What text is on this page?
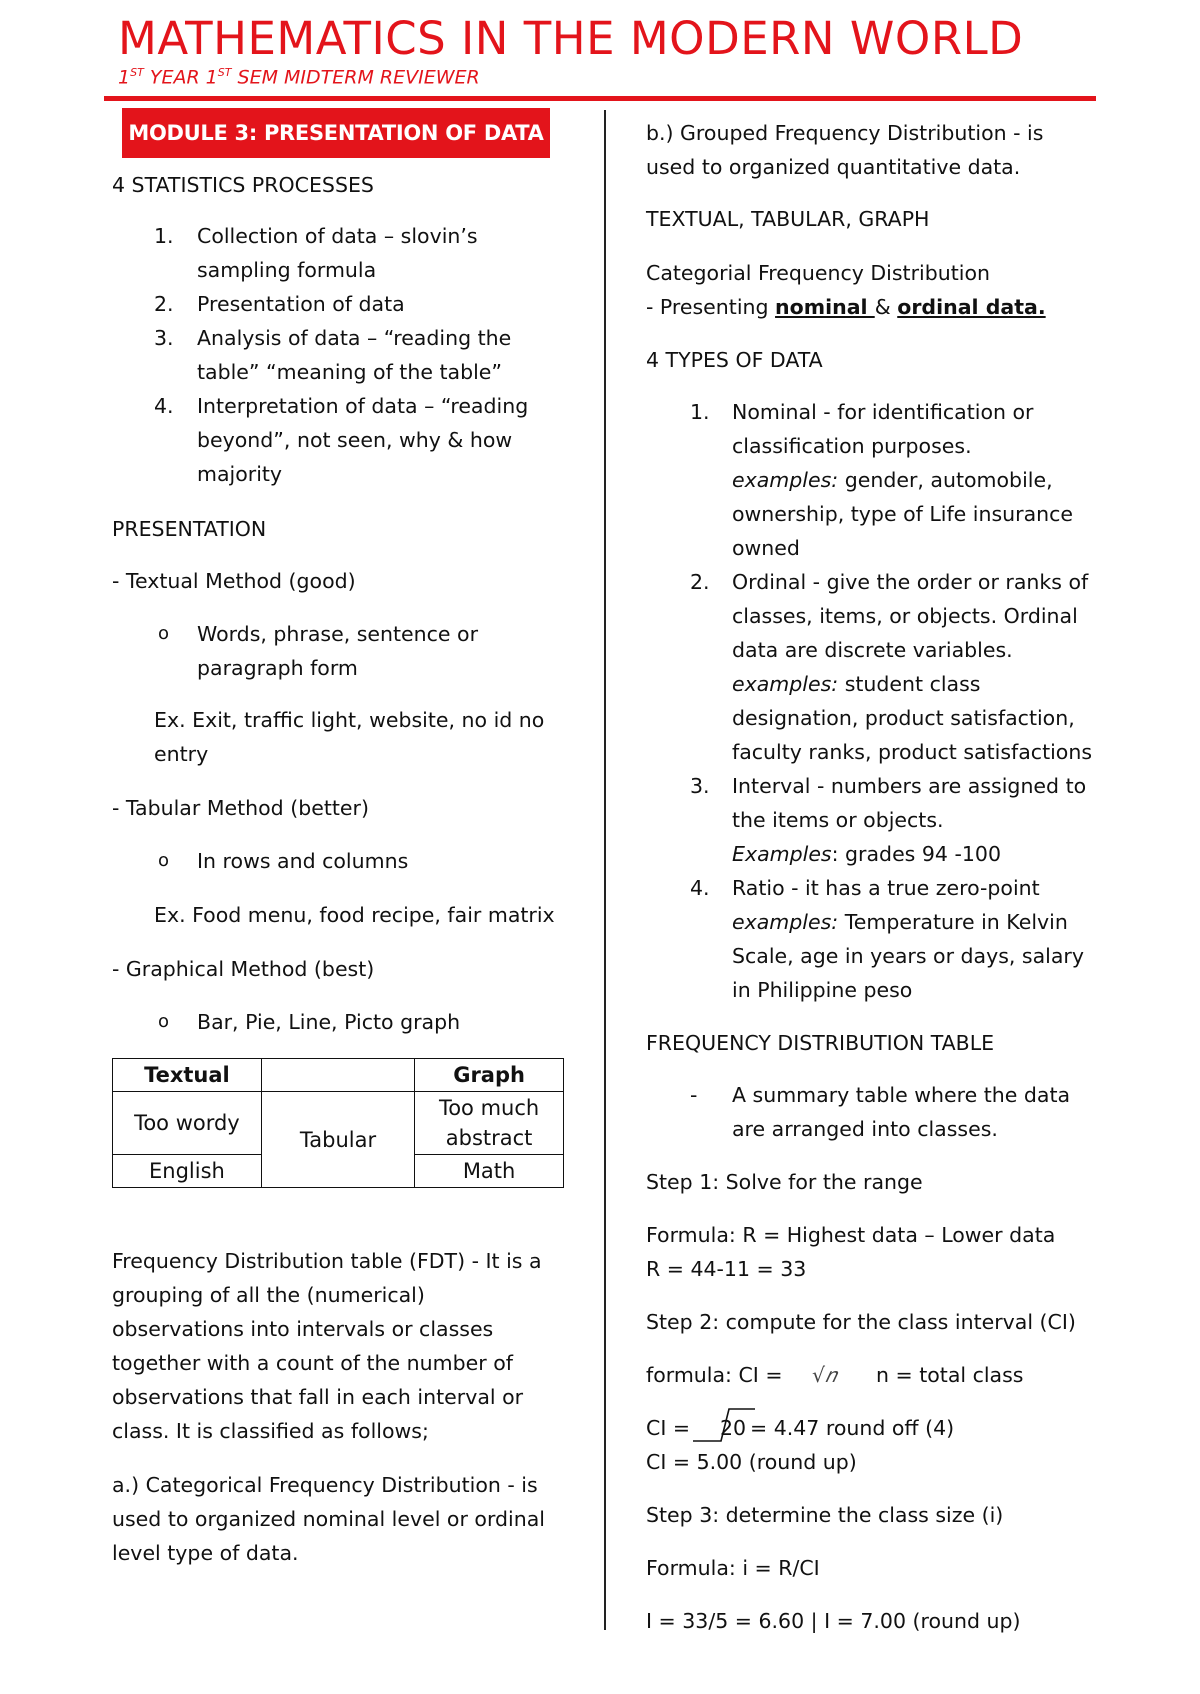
MATHEMATICS IN THE MODERN WORLD
1ST YEAR 1ST SEM MIDTERM REVIEWER
MODULE 3: PRESENTATION OF DATA
4 STATISTICS PROCESSES
1. Collection of data – slovin’s
sampling formula
2. Presentation of data
3. Analysis of data – “reading the
table” “meaning of the table”
4. Interpretation of data – “reading
beyond”, not seen, why & how
majority
PRESENTATION
- Textual Method (good)
o Words, phrase, sentence or
paragraph form
Ex. Exit, traffic light, website, no id no
entry
- Tabular Method (better)
o In rows and columns
Ex. Food menu, food recipe, fair matrix
- Graphical Method (best)
o Bar, Pie, Line, Picto graph
Textual		Graph
Too wordy	Tabular	Too much
abstract
English		Math
Frequency Distribution table (FDT) - It is a
grouping of all the (numerical)
observations into intervals or classes
together with a count of the number of
observations that fall in each interval or
class. It is classified as follows;
a.) Categorical Frequency Distribution - is
used to organized nominal level or ordinal
level type of data.
b.) Grouped Frequency Distribution - is
used to organized quantitative data.
TEXTUAL, TABULAR, GRAPH
Categorial Frequency Distribution
- Presenting nominal & ordinal data.
4 TYPES OF DATA
1. Nominal - for identification or
classification purposes.
examples: gender, automobile,
ownership, type of Life insurance
owned
2. Ordinal - give the order or ranks of
classes, items, or objects. Ordinal
data are discrete variables.
examples: student class
designation, product satisfaction,
faculty ranks, product satisfactions
3. Interval - numbers are assigned to
the items or objects.
Examples: grades 94 -100
4. Ratio - it has a true zero-point
examples: Temperature in Kelvin
Scale, age in years or days, salary
in Philippine peso
FREQUENCY DISTRIBUTION TABLE
- A summary table where the data
are arranged into classes.
Step 1: Solve for the range
Formula: R = Highest data – Lower data
R = 44-11 = 33
Step 2: compute for the class interval (CI)
formula: CI = √𝑛 n = total class
CI = 20 = 4.47 round off (4)
CI = 5.00 (round up)
Step 3: determine the class size (i)
Formula: i = R/CI
I = 33/5 = 6.60 | I = 7.00 (round up)
